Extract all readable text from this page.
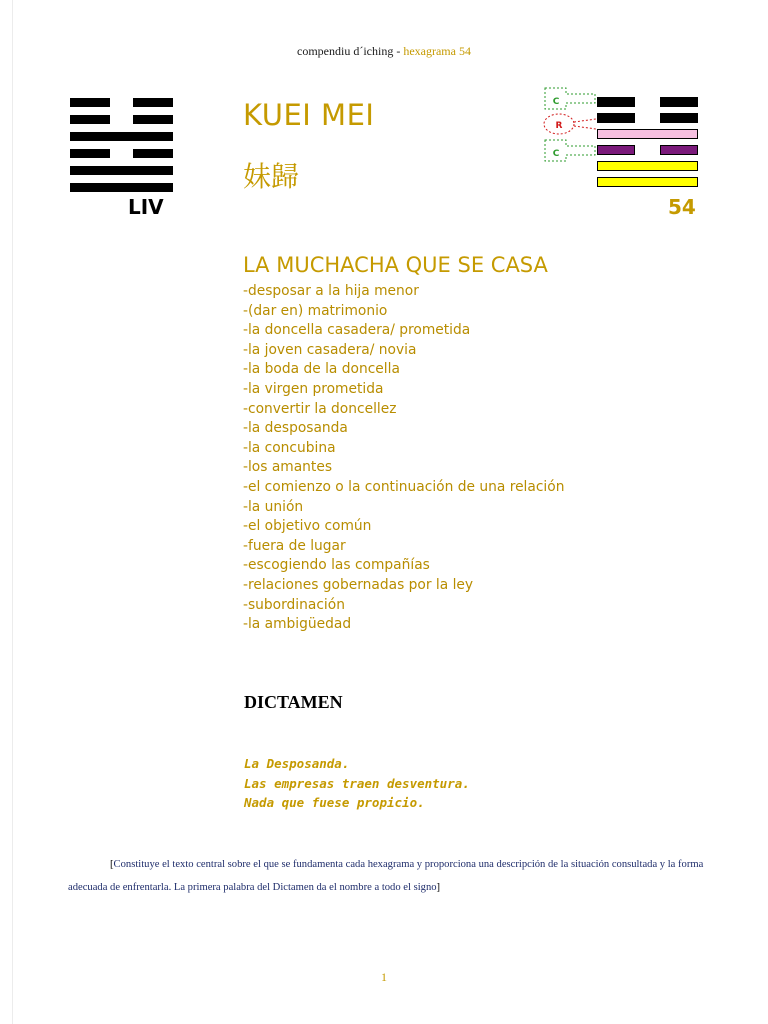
compendiu d´iching - hexagrama 54
LIV
KUEI MEI
妹歸
C
R
C
54
LA MUCHACHA QUE SE CASA
-desposar a la hija menor
-(dar en) matrimonio
-la doncella casadera/ prometida
-la joven casadera/ novia
-la boda de la doncella
-la virgen prometida
-convertir la doncellez
-la desposanda
-la concubina
-los amantes
-el comienzo o la continuación de una relación
-la unión
-el objetivo común
-fuera de lugar
-escogiendo las compañías
-relaciones gobernadas por la ley
-subordinación
-la ambigüedad
DICTAMEN
La Desposanda.
Las empresas traen desventura.
Nada que fuese propicio.
[Constituye el texto central sobre el que se fundamenta cada hexagrama y proporciona una descripción de la situación consultada y la forma adecuada de enfrentarla. La primera palabra del Dictamen da el nombre a todo el signo]
1
